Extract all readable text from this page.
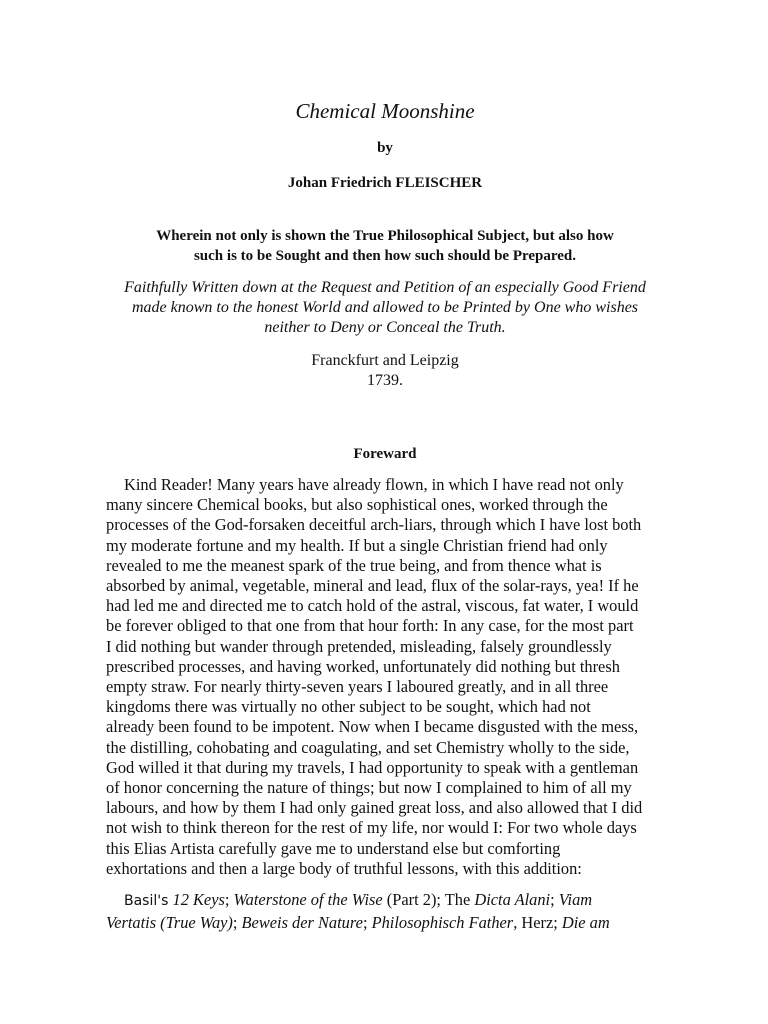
Chemical Moonshine
by
Johan Friedrich FLEISCHER
Wherein not only is shown the True Philosophical Subject, but also how
such is to be Sought and then how such should be Prepared.
Faithfully Written down at the Request and Petition of an especially Good Friend
made known to the honest World and allowed to be Printed by One who wishes
neither to Deny or Conceal the Truth.
Franckfurt and Leipzig
1739.
Foreward
Kind Reader! Many years have already flown, in which I have read not only
many sincere Chemical books, but also sophistical ones, worked through the
processes of the God-forsaken deceitful arch-liars, through which I have lost both
my moderate fortune and my health. If but a single Christian friend had only
revealed to me the meanest spark of the true being, and from thence what is
absorbed by animal, vegetable, mineral and lead, flux of the solar-rays, yea! If he
had led me and directed me to catch hold of the astral, viscous, fat water, I would
be forever obliged to that one from that hour forth: In any case, for the most part
I did nothing but wander through pretended, misleading, falsely groundlessly
prescribed processes, and having worked, unfortunately did nothing but thresh
empty straw. For nearly thirty-seven years I laboured greatly, and in all three
kingdoms there was virtually no other subject to be sought, which had not
already been found to be impotent. Now when I became disgusted with the mess,
the distilling, cohobating and coagulating, and set Chemistry wholly to the side,
God willed it that during my travels, I had opportunity to speak with a gentleman
of honor concerning the nature of things; but now I complained to him of all my
labours, and how by them I had only gained great loss, and also allowed that I did
not wish to think thereon for the rest of my life, nor would I: For two whole days
this Elias Artista carefully gave me to understand else but comforting
exhortations and then a large body of truthful lessons, with this addition:
Basil's 12 Keys; Waterstone of the Wise (Part 2); The Dicta Alani; Viam
Vertatis (True Way); Beweis der Nature; Philosophisch Father, Herz; Die am
